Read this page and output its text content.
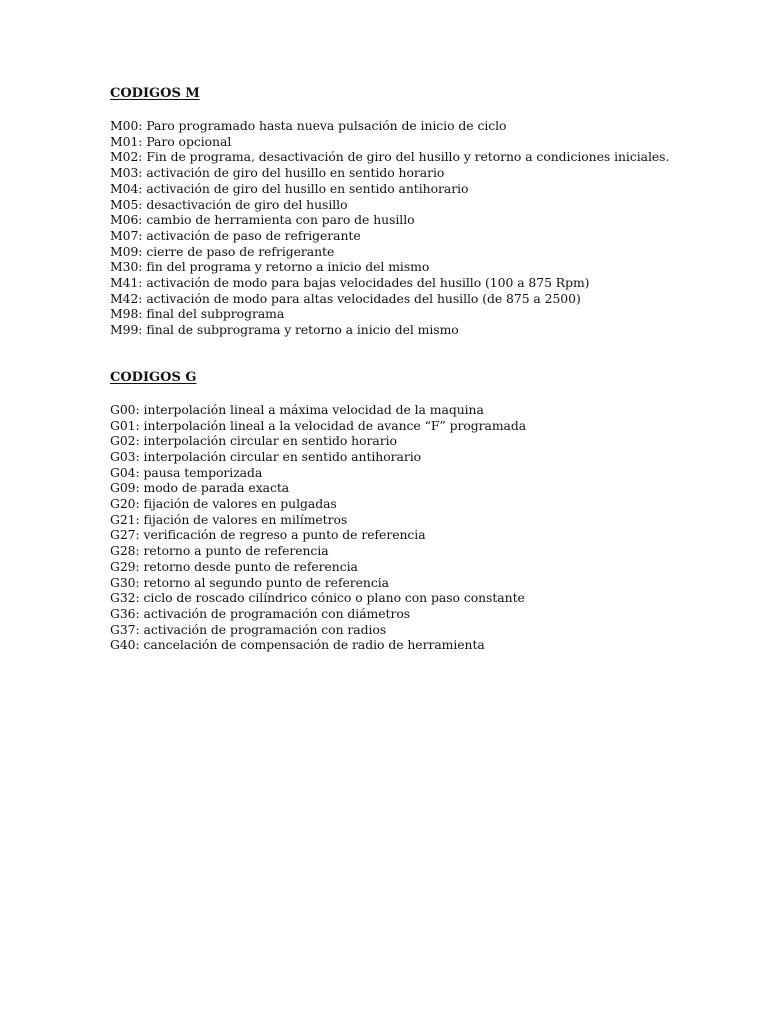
CODIGOS M
M00: Paro programado hasta nueva pulsación de inicio de ciclo
M01: Paro opcional
M02: Fin de programa, desactivación de giro del husillo y retorno a condiciones iniciales.
M03: activación de giro del husillo en sentido horario
M04: activación de giro del husillo en sentido antihorario
M05: desactivación de giro del husillo
M06: cambio de herramienta con paro de husillo
M07: activación de paso de refrigerante
M09: cierre de paso de refrigerante
M30: fin del programa y retorno a inicio del mismo
M41: activación de modo para bajas velocidades del husillo (100 a 875 Rpm)
M42: activación de modo para altas velocidades del husillo (de 875 a 2500)
M98: final del subprograma
M99: final de subprograma y retorno a inicio del mismo
CODIGOS G
G00: interpolación lineal a máxima velocidad de la maquina
G01: interpolación lineal a la velocidad de avance “F” programada
G02: interpolación circular en sentido horario
G03: interpolación circular en sentido antihorario
G04: pausa temporizada
G09: modo de parada exacta
G20: fijación de valores en pulgadas
G21: fijación de valores en milímetros
G27: verificación de regreso a punto de referencia
G28: retorno a punto de referencia
G29: retorno desde punto de referencia
G30: retorno al segundo punto de referencia
G32: ciclo de roscado cilíndrico cónico o plano con paso constante
G36: activación de programación con diámetros
G37: activación de programación con radios
G40: cancelación de compensación de radio de herramienta
